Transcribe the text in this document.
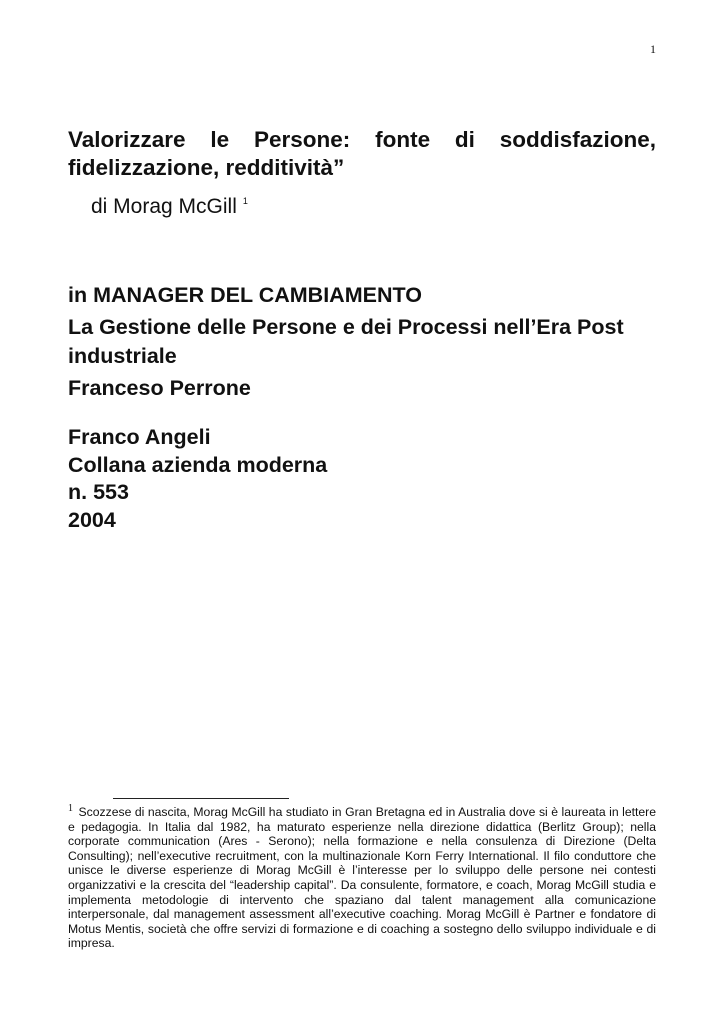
1
Valorizzare le Persone: fonte di soddisfazione, fidelizzazione, redditività”
di Morag McGill $^1$
in MANAGER DEL CAMBIAMENTO
La Gestione delle Persone e dei Processi nell’Era Post industriale
Franceso Perrone
Franco Angeli
Collana azienda moderna
n. 553
2004

$^1$ Scozzese di nascita, Morag McGill ha studiato in Gran Bretagna ed in Australia dove si è laureata in lettere e pedagogia. In Italia dal 1982, ha maturato esperienze nella direzione didattica (Berlitz Group); nella corporate communication (Ares - Serono); nella formazione e nella consulenza di Direzione (Delta Consulting); nell’executive recruitment, con la multinazionale Korn Ferry International. Il filo conduttore che unisce le diverse esperienze di Morag McGill è l’interesse per lo sviluppo delle persone nei contesti organizzativi e la crescita del “leadership capital”. Da consulente, formatore, e coach, Morag McGill studia e implementa metodologie di intervento che spaziano dal talent management alla comunicazione interpersonale, dal management assessment all’executive coaching. Morag McGill è Partner e fondatore di Motus Mentis, società che offre servizi di formazione e di coaching a sostegno dello sviluppo individuale e di impresa.
